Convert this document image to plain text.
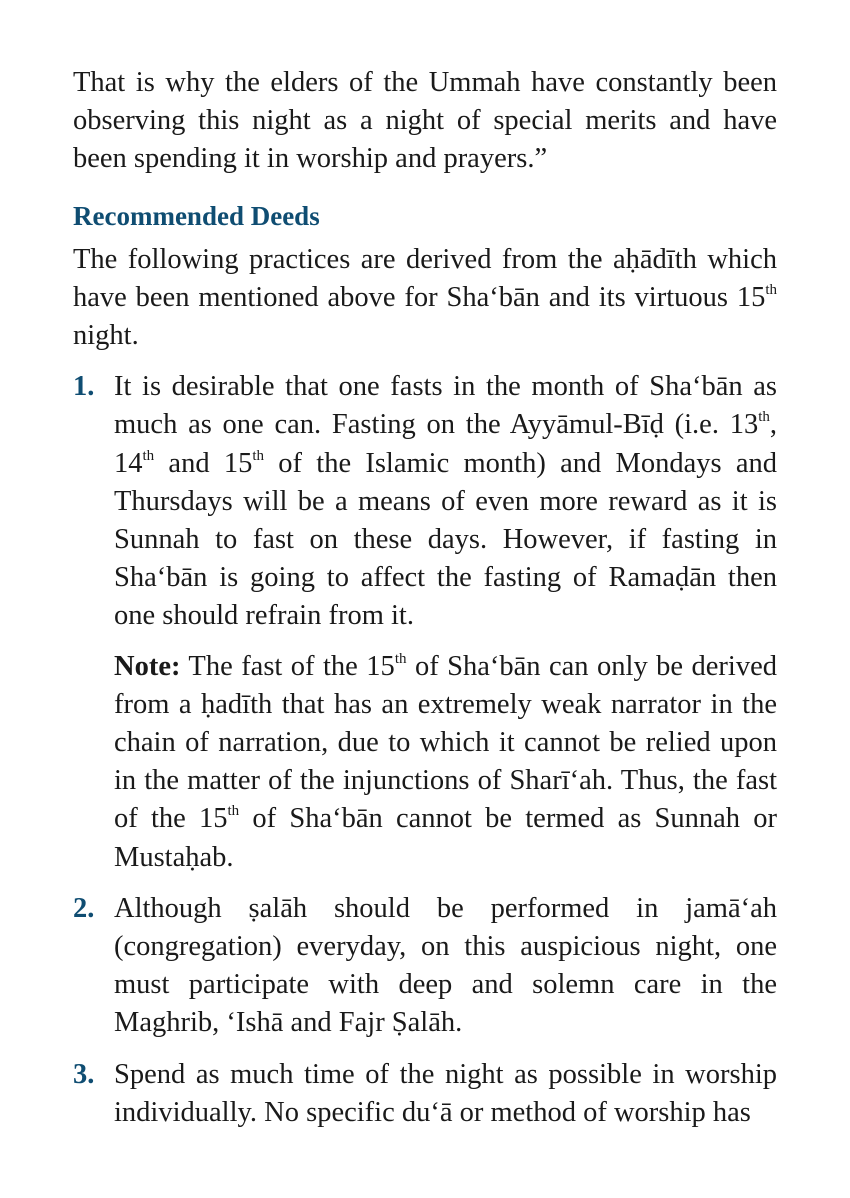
That is why the elders of the Ummah have constantly been observing this night as a night of special merits and have been spending it in worship and prayers.”

Recommended Deeds

The following practices are derived from the aḥādīth which have been mentioned above for Sha‘bān and its virtuous 15th night.

1. It is desirable that one fasts in the month of Sha‘bān as much as one can. Fasting on the Ayyāmul-Bīḍ (i.e. 13th, 14th and 15th of the Islamic month) and Mondays and Thursdays will be a means of even more reward as it is Sunnah to fast on these days. However, if fasting in Sha‘bān is going to affect the fasting of Ramaḍān then one should refrain from it.

Note: The fast of the 15th of Sha‘bān can only be derived from a ḥadīth that has an extremely weak narrator in the chain of narration, due to which it cannot be relied upon in the matter of the injunctions of Sharī‘ah. Thus, the fast of the 15th of Sha‘bān cannot be termed as Sunnah or Mustaḥab.

2. Although ṣalāh should be performed in jamā‘ah (congregation) everyday, on this auspicious night, one must participate with deep and solemn care in the Maghrib, ‘Ishā and Fajr Ṣalāh.

3. Spend as much time of the night as possible in worship individually. No specific du‘ā or method of worship has
